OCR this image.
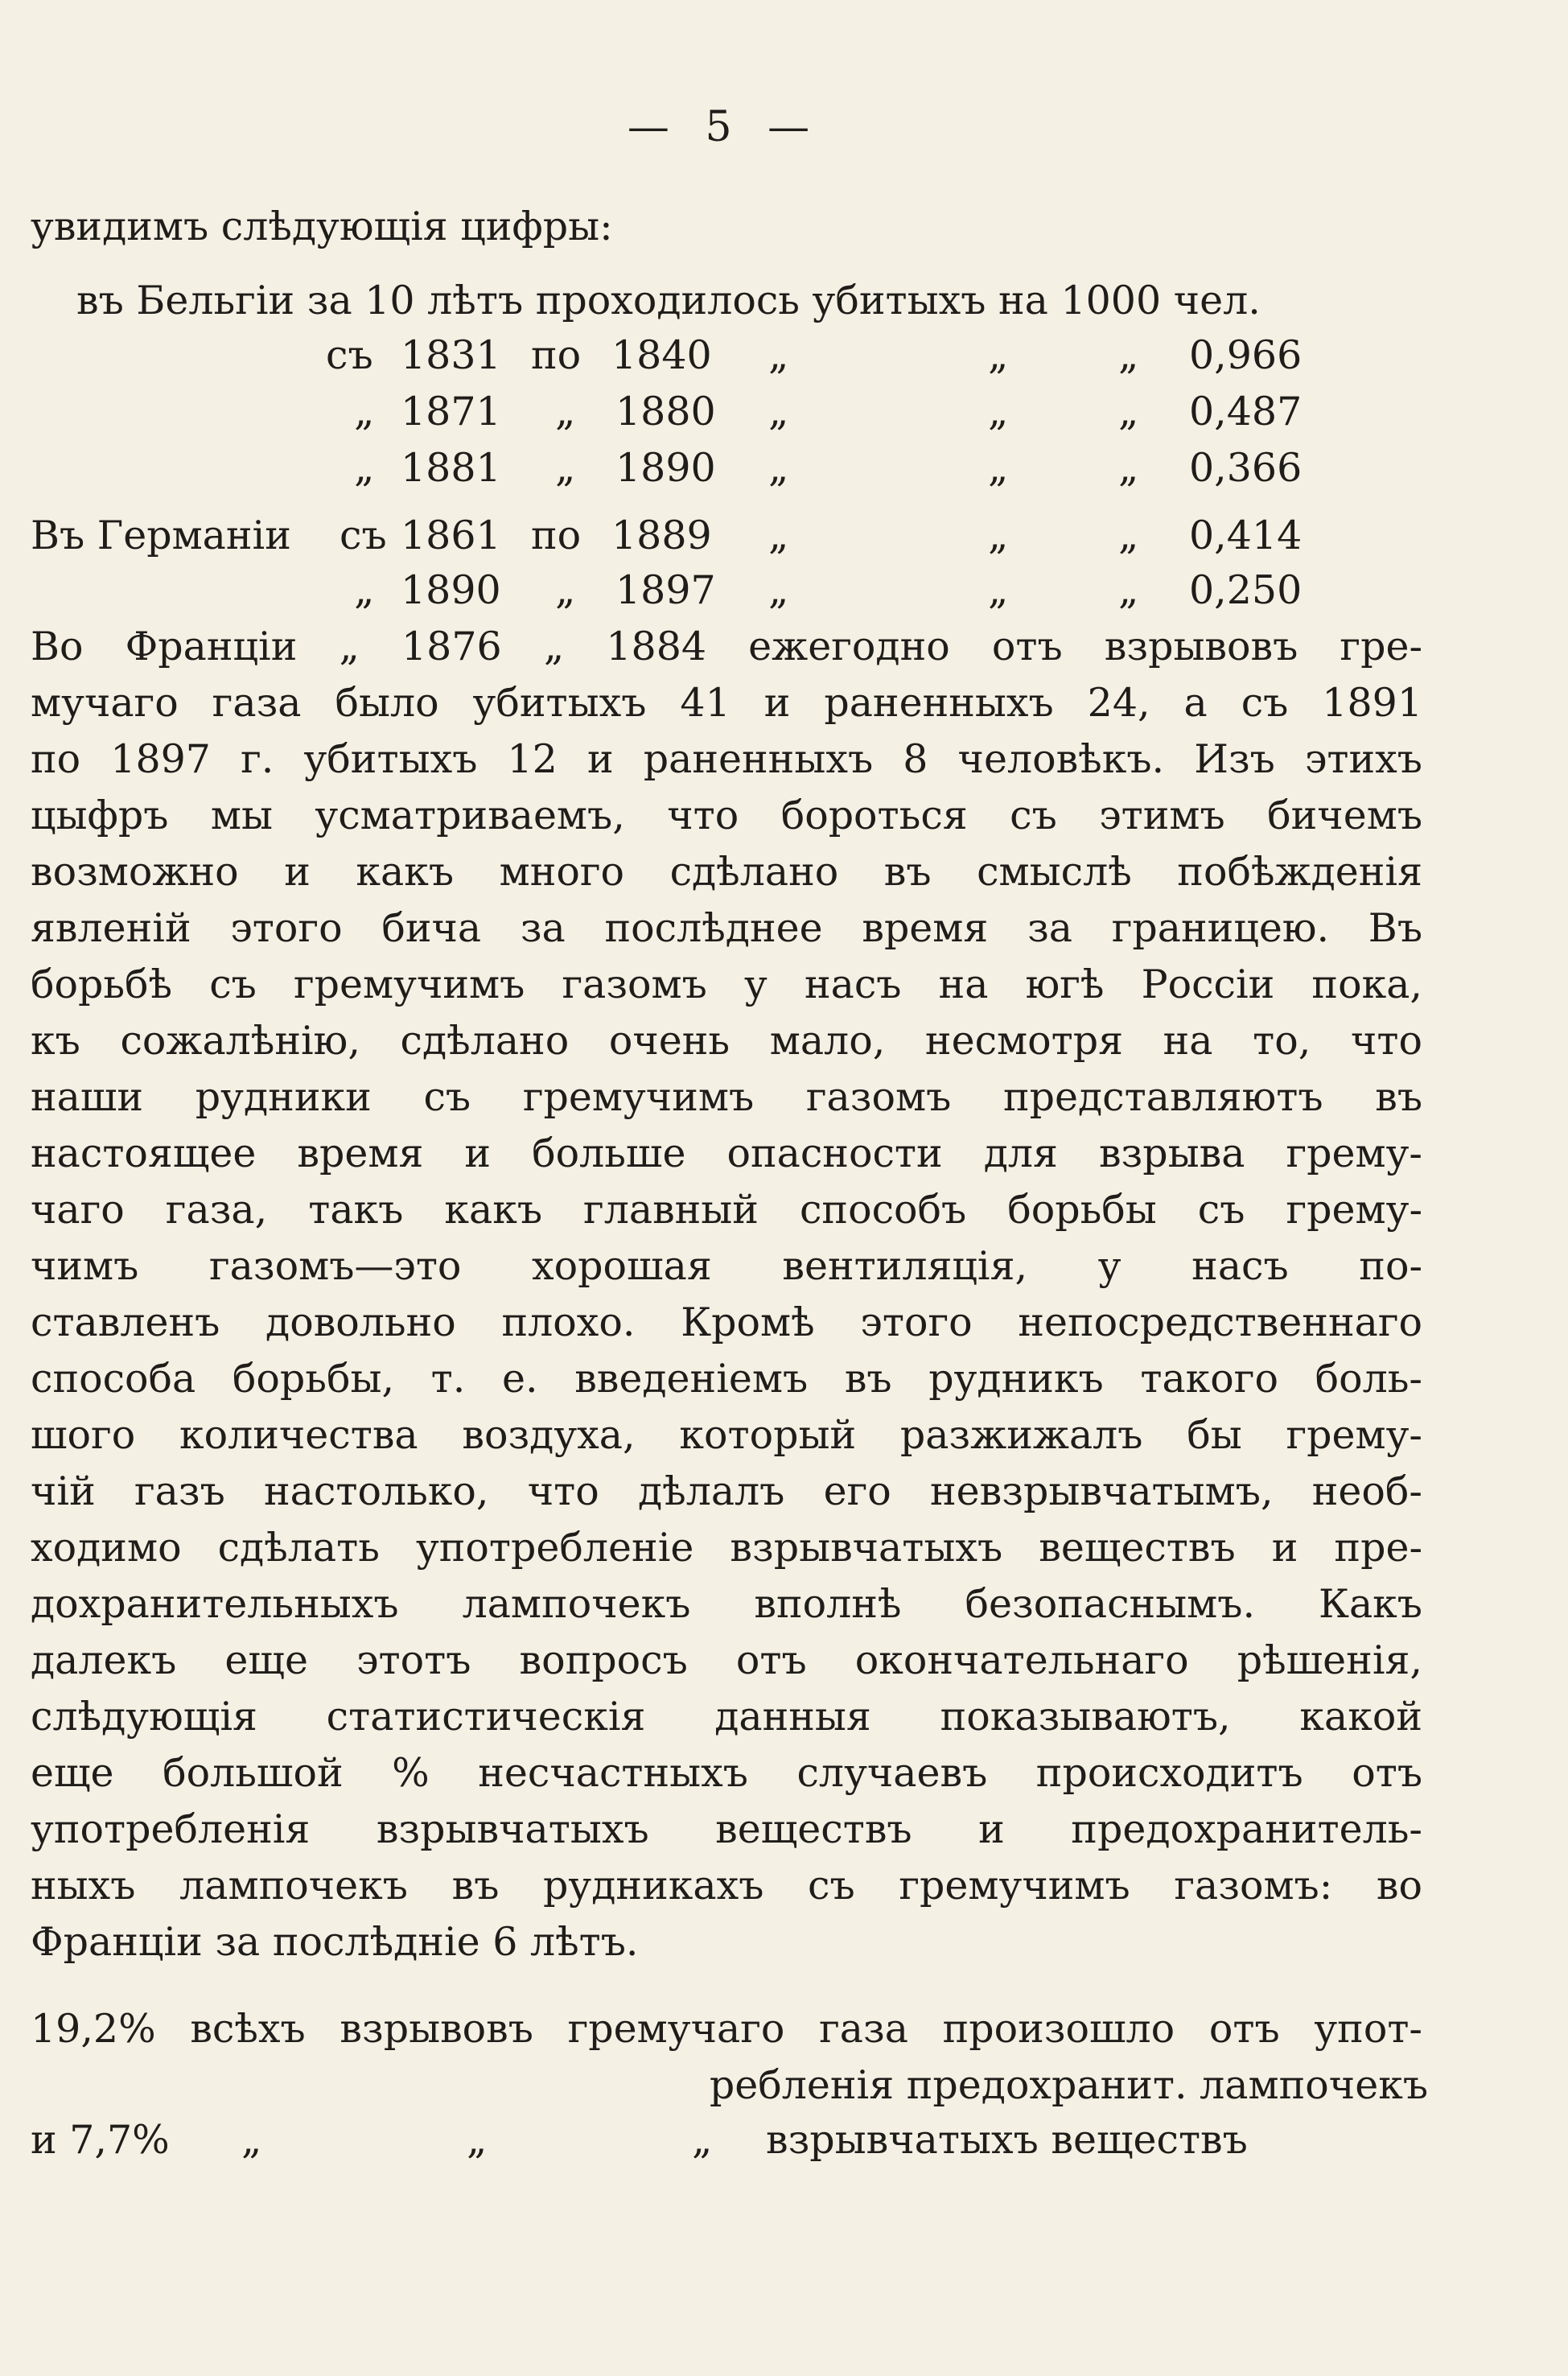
— 5 —
увидимъ слѣдующія цифры:
въ Бельгіи за 10 лѣтъ проходилось убитыхъ на 1000 чел.
съ 1831 по 1840 „	„	„ 0,966
„ 1871 „ 1880 „	„	„ 0,487
„ 1881 „ 1890 „	„	„ 0,366
Въ Германіи съ 1861 по 1889 „	„	„ 0,414
„ 1890 „ 1897 „	„	„ 0,250
Во Франціи „ 1876 „ 1884 ежегодно отъ взрывовъ гре-
мучаго газа было убитыхъ 41 и раненныхъ 24, а съ 1891
по 1897 г. убитыхъ 12 и раненныхъ 8 человѣкъ. Изъ этихъ
цыфръ мы усматриваемъ, что бороться съ этимъ бичемъ
возможно и какъ много сдѣлано въ смыслѣ побѣжденія
явленій этого бича за послѣднее время за границею. Въ
борьбѣ съ гремучимъ газомъ у насъ на югѣ Россіи пока,
къ сожалѣнію, сдѣлано очень мало, несмотря на то, что
наши рудники съ гремучимъ газомъ представляютъ въ
настоящее время и больше опасности для взрыва грему-
чаго газа, такъ какъ главный способъ борьбы съ грему-
чимъ газомъ—это хорошая вентиляція, у насъ по-
ставленъ довольно плохо. Кромѣ этого непосредственнаго
способа борьбы, т. е. введеніемъ въ рудникъ такого боль-
шого количества воздуха, который разжижалъ бы грему-
чій газъ настолько, что дѣлалъ его невзрывчатымъ, необ-
ходимо сдѣлать употребленіе взрывчатыхъ веществъ и пре-
дохранительныхъ лампочекъ вполнѣ безопаснымъ. Какъ
далекъ еще этотъ вопросъ отъ окончательнаго рѣшенія,
слѣдующія статистическія данныя показываютъ, какой
еще большой % несчастныхъ случаевъ происходитъ отъ
употребленія взрывчатыхъ веществъ и предохранитель-
ныхъ лампочекъ въ рудникахъ съ гремучимъ газомъ: во
Франціи за послѣдніе 6 лѣтъ.
19,2% всѣхъ взрывовъ гремучаго газа произошло отъ упот-
ребленія предохранит. лампочекъ
и 7,7% „	„	„ взрывчатыхъ веществъ
